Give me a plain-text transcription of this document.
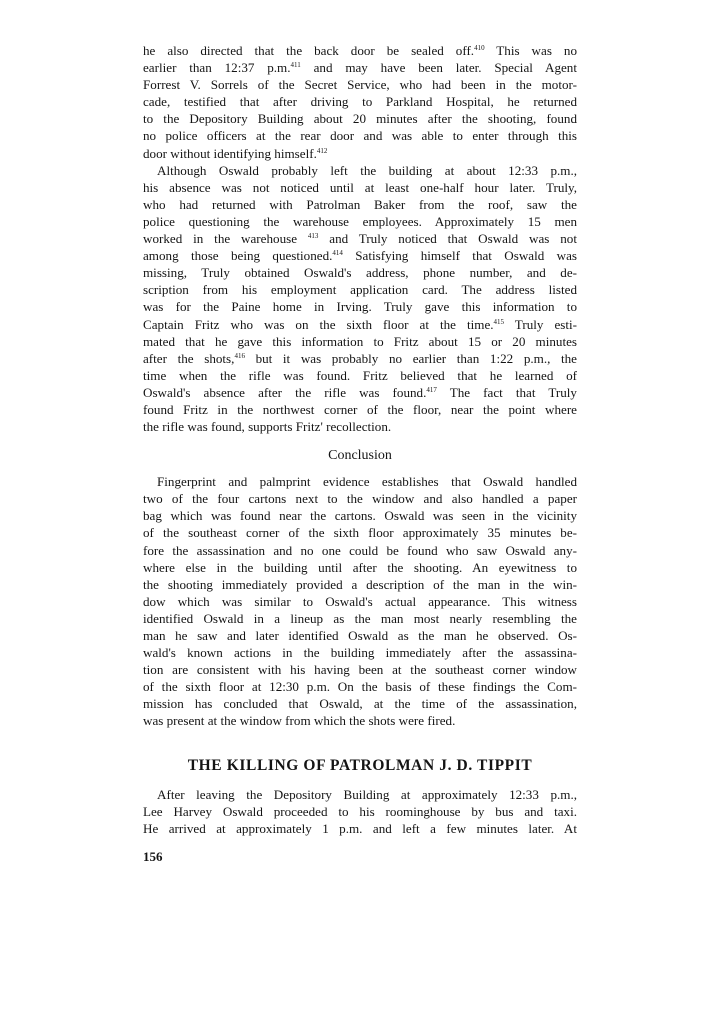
he also directed that the back door be sealed off.$^{410}$ This was no
earlier than 12:37 p.m.$^{411}$ and may have been later. Special Agent
Forrest V. Sorrels of the Secret Service, who had been in the motor-
cade, testified that after driving to Parkland Hospital, he returned
to the Depository Building about 20 minutes after the shooting, found
no police officers at the rear door and was able to enter through this
door without identifying himself.$^{412}$
Although Oswald probably left the building at about 12:33 p.m.,
his absence was not noticed until at least one-half hour later. Truly,
who had returned with Patrolman Baker from the roof, saw the
police questioning the warehouse employees. Approximately 15 men
worked in the warehouse $^{413}$ and Truly noticed that Oswald was not
among those being questioned.$^{414}$ Satisfying himself that Oswald was
missing, Truly obtained Oswald's address, phone number, and de-
scription from his employment application card. The address listed
was for the Paine home in Irving. Truly gave this information to
Captain Fritz who was on the sixth floor at the time.$^{415}$ Truly esti-
mated that he gave this information to Fritz about 15 or 20 minutes
after the shots,$^{416}$ but it was probably no earlier than 1:22 p.m., the
time when the rifle was found. Fritz believed that he learned of
Oswald's absence after the rifle was found.$^{417}$ The fact that Truly
found Fritz in the northwest corner of the floor, near the point where
the rifle was found, supports Fritz' recollection.
Conclusion
Fingerprint and palmprint evidence establishes that Oswald handled
two of the four cartons next to the window and also handled a paper
bag which was found near the cartons. Oswald was seen in the vicinity
of the southeast corner of the sixth floor approximately 35 minutes be-
fore the assassination and no one could be found who saw Oswald any-
where else in the building until after the shooting. An eyewitness to
the shooting immediately provided a description of the man in the win-
dow which was similar to Oswald's actual appearance. This witness
identified Oswald in a lineup as the man most nearly resembling the
man he saw and later identified Oswald as the man he observed. Os-
wald's known actions in the building immediately after the assassina-
tion are consistent with his having been at the southeast corner window
of the sixth floor at 12:30 p.m. On the basis of these findings the Com-
mission has concluded that Oswald, at the time of the assassination,
was present at the window from which the shots were fired.
THE KILLING OF PATROLMAN J. D. TIPPIT
After leaving the Depository Building at approximately 12:33 p.m.,
Lee Harvey Oswald proceeded to his roominghouse by bus and taxi.
He arrived at approximately 1 p.m. and left a few minutes later. At
156
